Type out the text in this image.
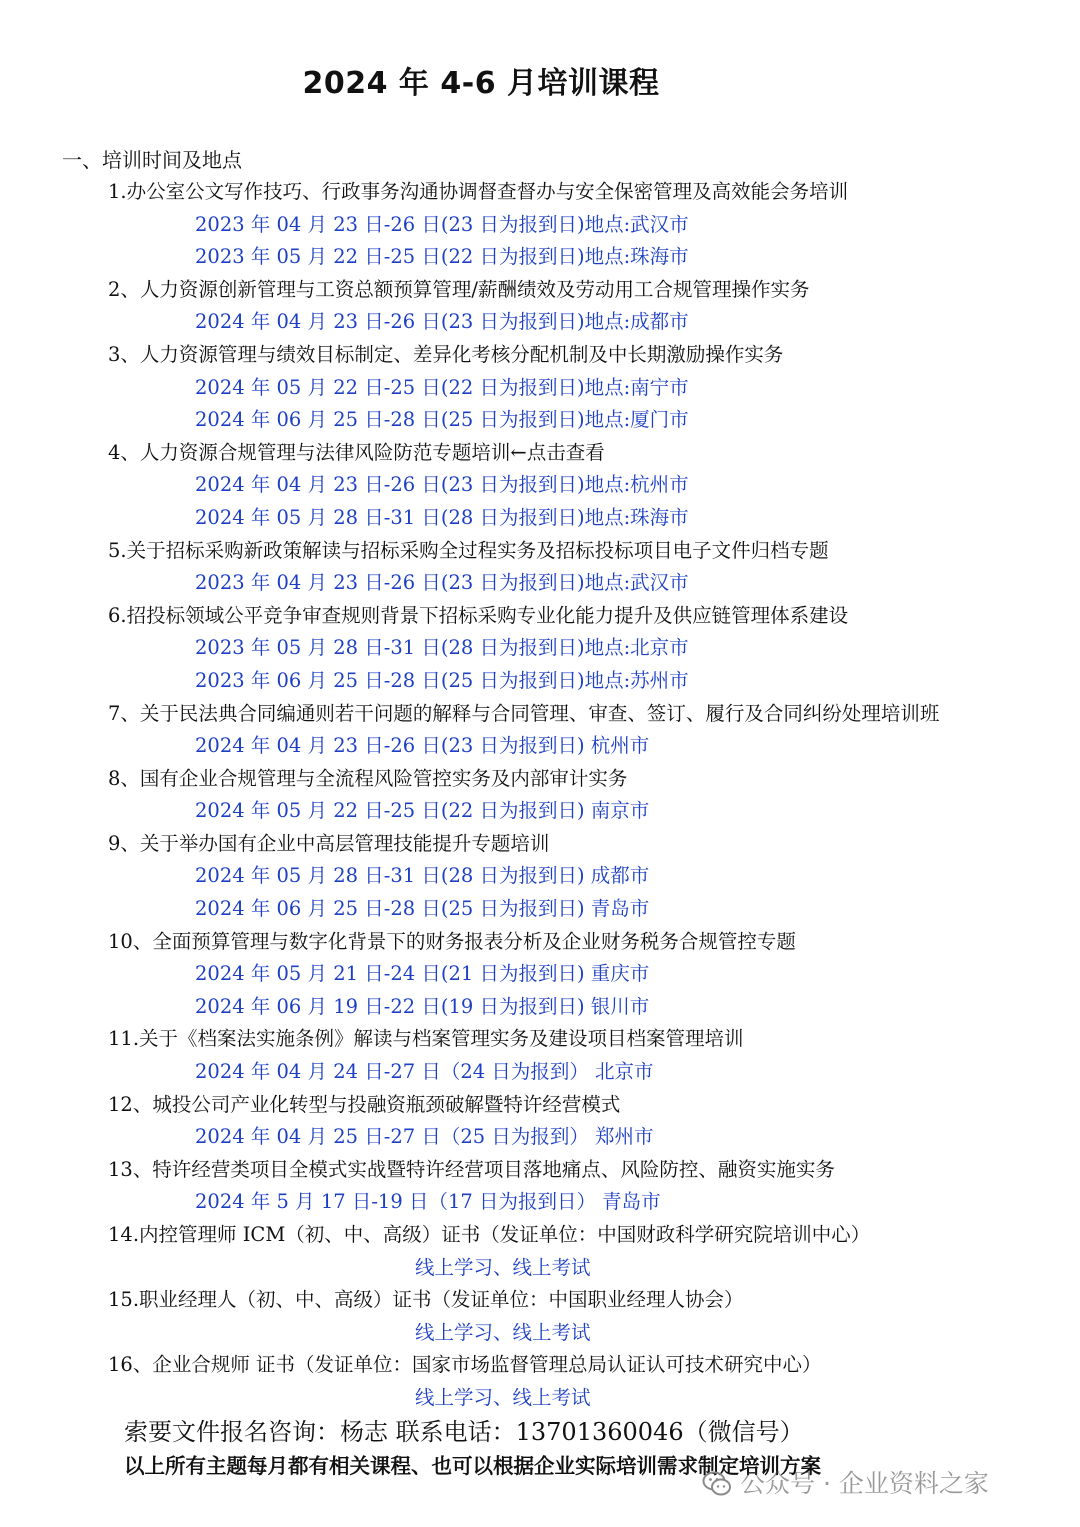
2024 年 4-6 月培训课程
一、培训时间及地点
1.办公室公文写作技巧、行政事务沟通协调督查督办与安全保密管理及高效能会务培训
2023 年 04 月 23 日-26 日(23 日为报到日)地点:武汉市
2023 年 05 月 22 日-25 日(22 日为报到日)地点:珠海市
2、人力资源创新管理与工资总额预算管理/薪酬绩效及劳动用工合规管理操作实务
2024 年 04 月 23 日-26 日(23 日为报到日)地点:成都市
3、人力资源管理与绩效目标制定、差异化考核分配机制及中长期激励操作实务
2024 年 05 月 22 日-25 日(22 日为报到日)地点:南宁市
2024 年 06 月 25 日-28 日(25 日为报到日)地点:厦门市
4、人力资源合规管理与法律风险防范专题培训←点击查看
2024 年 04 月 23 日-26 日(23 日为报到日)地点:杭州市
2024 年 05 月 28 日-31 日(28 日为报到日)地点:珠海市
5.关于招标采购新政策解读与招标采购全过程实务及招标投标项目电子文件归档专题
2023 年 04 月 23 日-26 日(23 日为报到日)地点:武汉市
6.招投标领域公平竞争审查规则背景下招标采购专业化能力提升及供应链管理体系建设
2023 年 05 月 28 日-31 日(28 日为报到日)地点:北京市
2023 年 06 月 25 日-28 日(25 日为报到日)地点:苏州市
7、关于民法典合同编通则若干问题的解释与合同管理、审查、签订、履行及合同纠纷处理培训班
2024 年 04 月 23 日-26 日(23 日为报到日) 杭州市
8、国有企业合规管理与全流程风险管控实务及内部审计实务
2024 年 05 月 22 日-25 日(22 日为报到日) 南京市
9、关于举办国有企业中高层管理技能提升专题培训
2024 年 05 月 28 日-31 日(28 日为报到日) 成都市
2024 年 06 月 25 日-28 日(25 日为报到日) 青岛市
10、全面预算管理与数字化背景下的财务报表分析及企业财务税务合规管控专题
2024 年 05 月 21 日-24 日(21 日为报到日) 重庆市
2024 年 06 月 19 日-22 日(19 日为报到日) 银川市
11.关于《档案法实施条例》解读与档案管理实务及建设项目档案管理培训
2024 年 04 月 24 日-27 日（24 日为报到） 北京市
12、城投公司产业化转型与投融资瓶颈破解暨特许经营模式
2024 年 04 月 25 日-27 日（25 日为报到） 郑州市
13、特许经营类项目全模式实战暨特许经营项目落地痛点、风险防控、融资实施实务
2024 年 5 月 17 日-19 日（17 日为报到日） 青岛市
14.内控管理师 ICM（初、中、高级）证书（发证单位：中国财政科学研究院培训中心）
线上学习、线上考试
15.职业经理人（初、中、高级）证书（发证单位：中国职业经理人协会）
线上学习、线上考试
16、企业合规师 证书（发证单位：国家市场监督管理总局认证认可技术研究中心）
线上学习、线上考试
索要文件报名咨询：杨志 联系电话：13701360046（微信号）
以上所有主题每月都有相关课程、也可以根据企业实际培训需求制定培训方案
公众号 · 企业资料之家
